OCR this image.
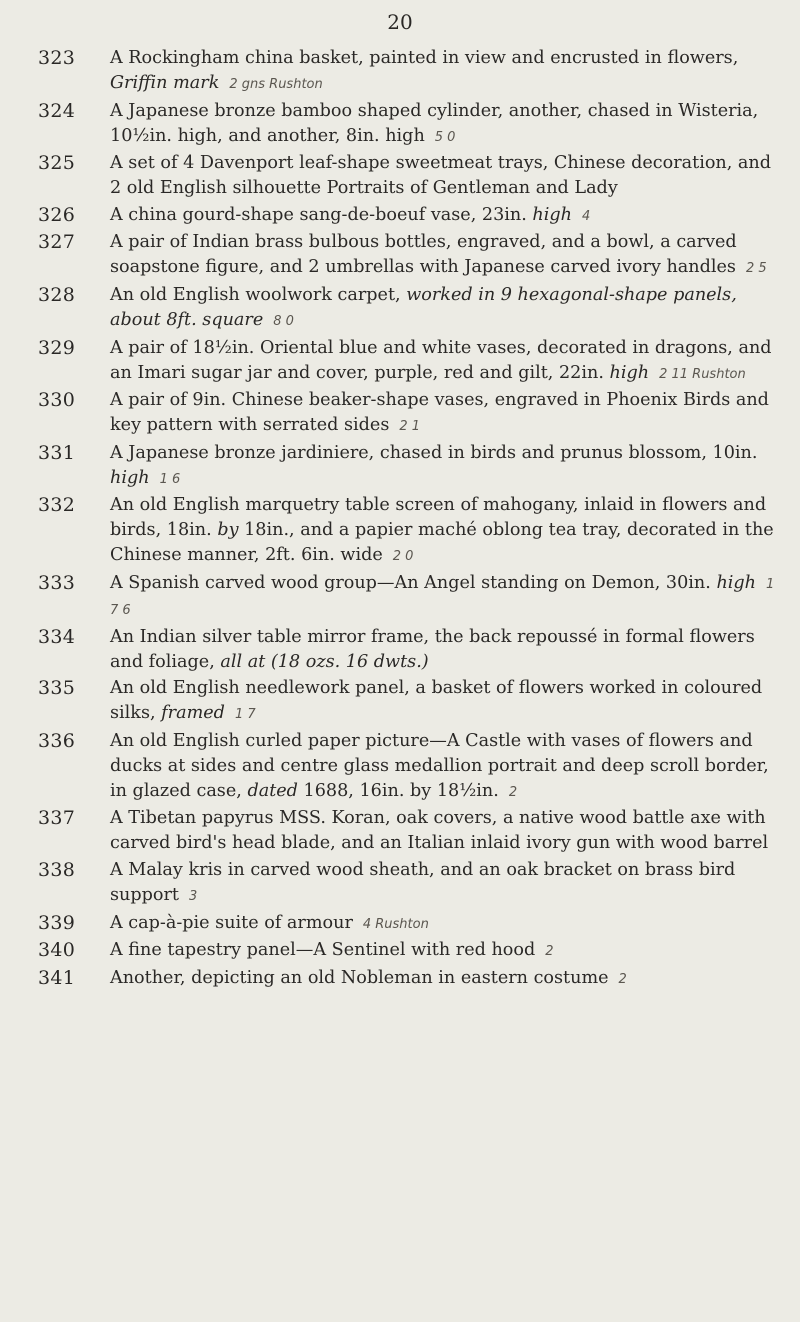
20
323	A Rockingham china basket, painted in view and encrusted in flowers, Griffin mark 2 gns Rushton
324	A Japanese bronze bamboo shaped cylinder, another, chased in Wisteria, 10½in. high, and another, 8in. high 5 0
325	A set of 4 Davenport leaf-shape sweetmeat trays, Chinese decoration, and 2 old English silhouette Portraits of Gentleman and Lady
326	A china gourd-shape sang-de-boeuf vase, 23in. high 4
327	A pair of Indian brass bulbous bottles, engraved, and a bowl, a carved soapstone figure, and 2 umbrellas with Japanese carved ivory handles 2 5
328	An old English woolwork carpet, worked in 9 hexagonal-shape panels, about 8ft. square 8 0
329	A pair of 18½in. Oriental blue and white vases, decorated in dragons, and an Imari sugar jar and cover, purple, red and gilt, 22in. high 2 11 Rushton
330	A pair of 9in. Chinese beaker-shape vases, engraved in Phoenix Birds and key pattern with serrated sides 2 1
331	A Japanese bronze jardiniere, chased in birds and prunus blossom, 10in. high 1 6
332	An old English marquetry table screen of mahogany, inlaid in flowers and birds, 18in. by 18in., and a papier maché oblong tea tray, decorated in the Chinese manner, 2ft. 6in. wide 2 0
333	A Spanish carved wood group—An Angel standing on Demon, 30in. high 1 7 6
334	An Indian silver table mirror frame, the back repoussé in formal flowers and foliage, all at (18 ozs. 16 dwts.)
335	An old English needlework panel, a basket of flowers worked in coloured silks, framed 1 7
336	An old English curled paper picture—A Castle with vases of flowers and ducks at sides and centre glass medallion portrait and deep scroll border, in glazed case, dated 1688, 16in. by 18½in. 2
337	A Tibetan papyrus MSS. Koran, oak covers, a native wood battle axe with carved bird's head blade, and an Italian inlaid ivory gun with wood barrel
338	A Malay kris in carved wood sheath, and an oak bracket on brass bird support 3
339	A cap-à-pie suite of armour 4 Rushton
340	A fine tapestry panel—A Sentinel with red hood 2
341	Another, depicting an old Nobleman in eastern costume 2
